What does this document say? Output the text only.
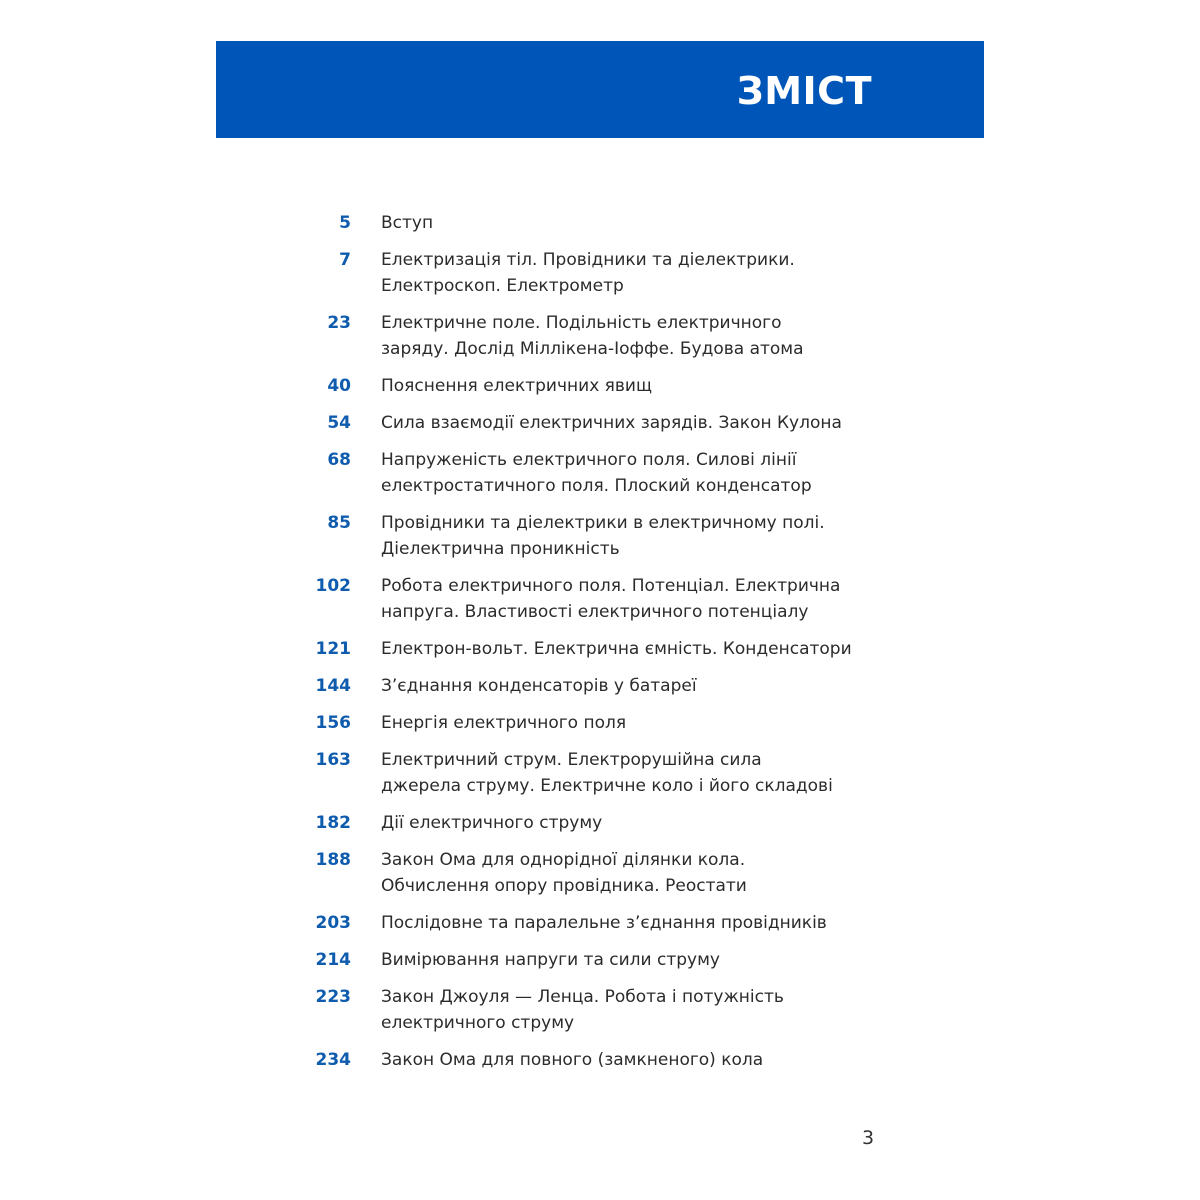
ЗМІСТ
5 Вступ
7 Електризація тіл. Провідники та діелектрики.
Електроскоп. Електрометр
23 Електричне поле. Подільність електричного
заряду. Дослід Міллікена-Іоффе. Будова атома
40 Пояснення електричних явищ
54 Сила взаємодії електричних зарядів. Закон Кулона
68 Напруженість електричного поля. Силові лінії
електростатичного поля. Плоский конденсатор
85 Провідники та діелектрики в електричному полі.
Діелектрична проникність
102 Робота електричного поля. Потенціал. Електрична
напруга. Властивості електричного потенціалу
121 Електрон-вольт. Електрична ємність. Конденсатори
144 З’єднання конденсаторів у батареї
156 Енергія електричного поля
163 Електричний струм. Електрорушійна сила
джерела струму. Електричне коло і його складові
182 Дії електричного струму
188 Закон Ома для однорідної ділянки кола.
Обчислення опору провідника. Реостати
203 Послідовне та паралельне з’єднання провідників
214 Вимірювання напруги та сили струму
223 Закон Джоуля — Ленца. Робота і потужність
електричного струму
234 Закон Ома для повного (замкненого) кола
3
